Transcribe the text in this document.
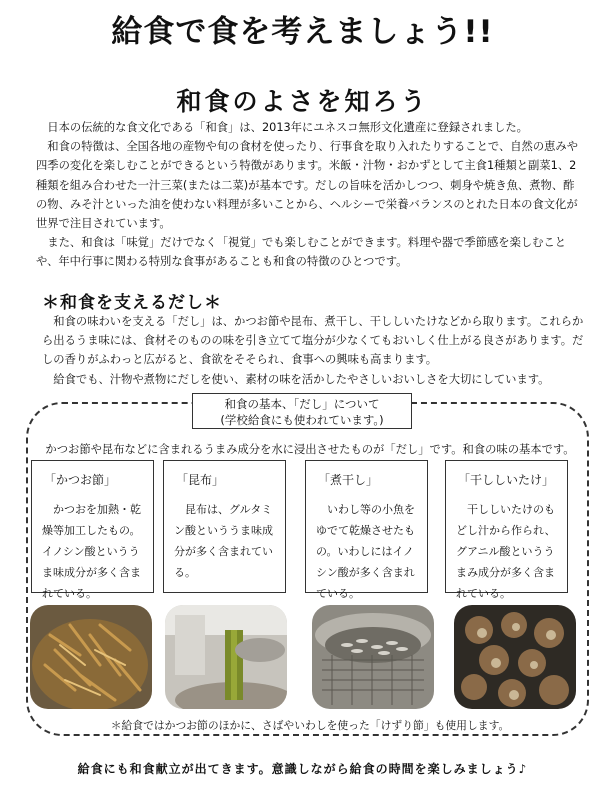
給食で食を考えましょう!!
和食のよさを知ろう

日本の伝統的な食文化である「和食」は、2013年にユネスコ無形文化遺産に登録されました。

和食の特徴は、全国各地の産物や旬の食材を使ったり、行事食を取り入れたりすることで、自然の恵みや四季の変化を楽しむことができるという特徴があります。米飯・汁物・おかずとして主食1種類と副菜1、2種類を組み合わせた一汁三菜(または二菜)が基本です。だしの旨味を活かしつつ、刺身や焼き魚、煮物、酢の物、みそ汁といった油を使わない料理が多いことから、ヘルシーで栄養バランスのとれた日本の食文化が世界で注目されています。

また、和食は「味覚」だけでなく「視覚」でも楽しむことができます。料理や器で季節感を楽しむことや、年中行事に関わる特別な食事があることも和食の特徴のひとつです。

＊和食を支えるだし＊

和食の味わいを支える「だし」は、かつお節や昆布、煮干し、干ししいたけなどから取ります。これらから出るうま味には、食材そのものの味を引き立てて塩分が少なくてもおいしく仕上がる良さがあります。だしの香りがふわっと広がると、食欲をそそられ、食事への興味も高まります。

給食でも、汁物や煮物にだしを使い、素材の味を活かしたやさしいおいしさを大切にしています。

和食の基本、「だし」について
(学校給食にも使われています。)
かつお節や昆布などに含まれるうまみ成分を水に浸出させたものが「だし」です。和食の味の基本です。
「かつお節」
かつおを加熱・乾燥等加工したもの。イノシン酸といううま味成分が多く含まれている。
「昆布」
昆布は、グルタミン酸といううま味成分が多く含まれている。
「煮干し」
いわし等の小魚をゆでて乾燥させたもの。いわしにはイノシン酸が多く含まれている。
「干ししいたけ」
干ししいたけのもどし汁から作られ、グアニル酸といううまみ成分が多く含まれている。
＊給食ではかつお節のほかに、さばやいわしを使った「けずり節」も使用します。
給食にも和食献立が出てきます。意識しながら給食の時間を楽しみましょう♪
